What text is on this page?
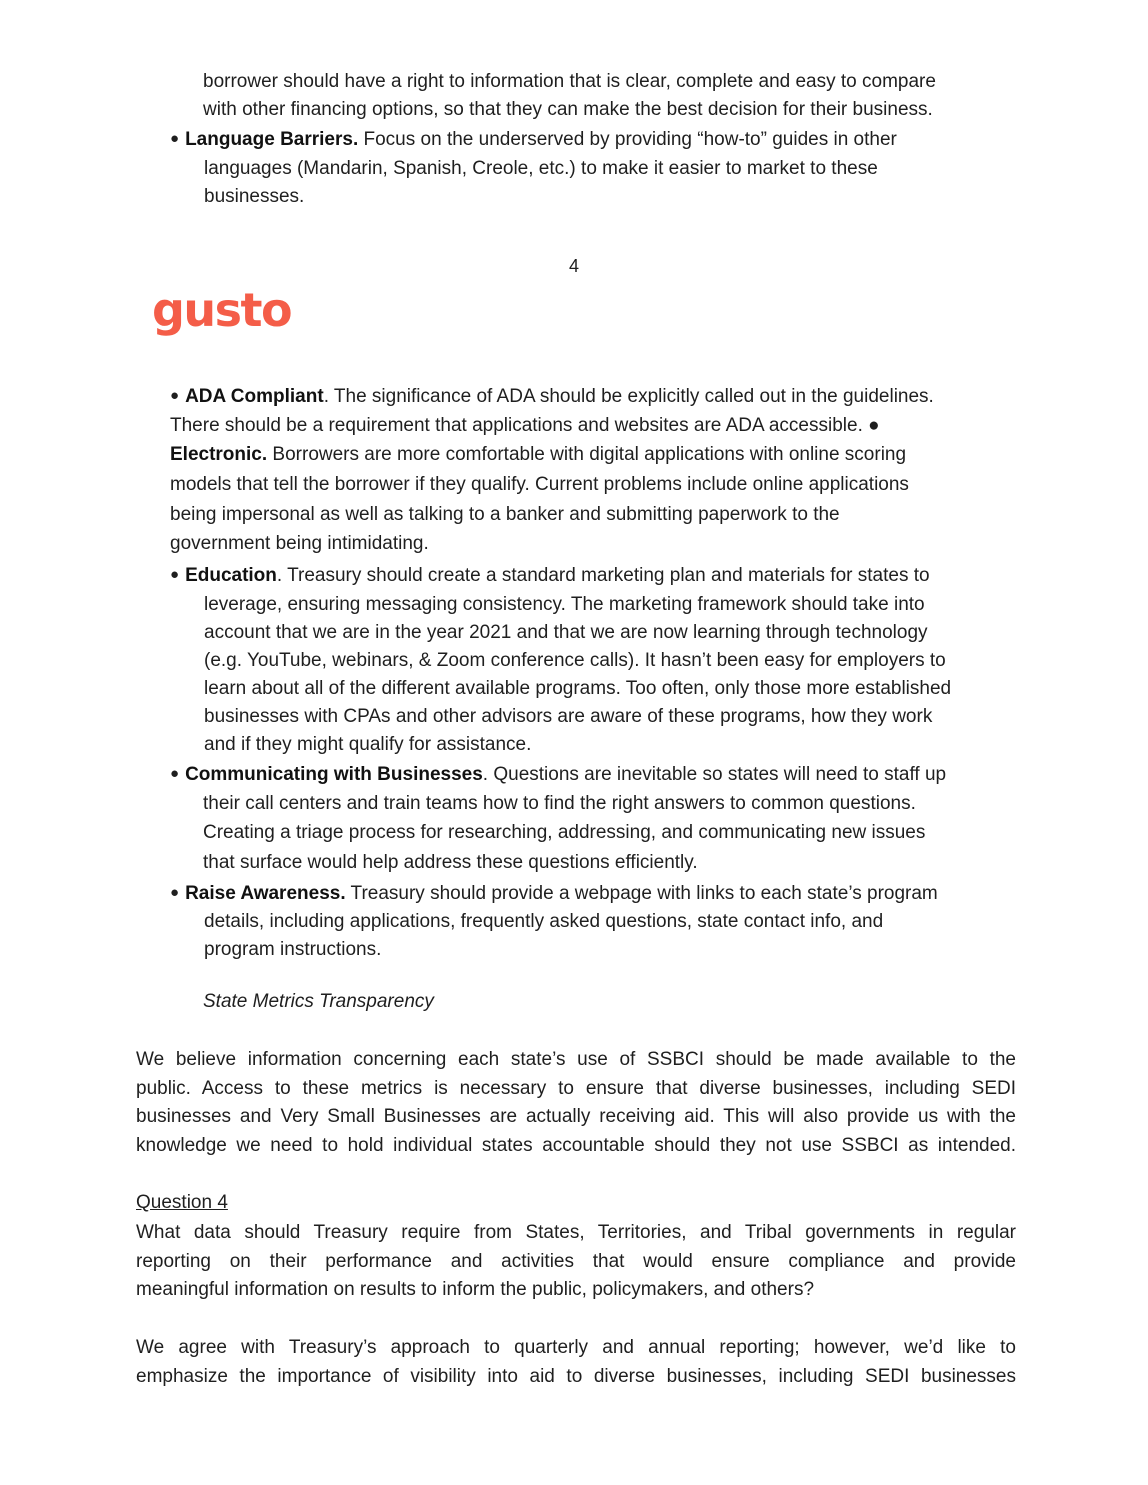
borrower should have a right to information that is clear, complete and easy to compare
with other financing options, so that they can make the best decision for their business.
● Language Barriers. Focus on the underserved by providing “how-to” guides in other
languages (Mandarin, Spanish, Creole, etc.) to make it easier to market to these
businesses.
4
gusto
● ADA Compliant. The significance of ADA should be explicitly called out in the guidelines.
There should be a requirement that applications and websites are ADA accessible. ●
Electronic. Borrowers are more comfortable with digital applications with online scoring
models that tell the borrower if they qualify. Current problems include online applications
being impersonal as well as talking to a banker and submitting paperwork to the
government being intimidating.
● Education. Treasury should create a standard marketing plan and materials for states to
leverage, ensuring messaging consistency. The marketing framework should take into
account that we are in the year 2021 and that we are now learning through technology
(e.g. YouTube, webinars, & Zoom conference calls). It hasn’t been easy for employers to
learn about all of the different available programs. Too often, only those more established
businesses with CPAs and other advisors are aware of these programs, how they work
and if they might qualify for assistance.
● Communicating with Businesses. Questions are inevitable so states will need to staff up
their call centers and train teams how to find the right answers to common questions.
Creating a triage process for researching, addressing, and communicating new issues
that surface would help address these questions efficiently.
● Raise Awareness. Treasury should provide a webpage with links to each state’s program
details, including applications, frequently asked questions, state contact info, and
program instructions.
State Metrics Transparency
We believe information concerning each state’s use of SSBCI should be made available to the
public. Access to these metrics is necessary to ensure that diverse businesses, including SEDI
businesses and Very Small Businesses are actually receiving aid. This will also provide us with the
knowledge we need to hold individual states accountable should they not use SSBCI as intended.
Question 4
What data should Treasury require from States, Territories, and Tribal governments in regular
reporting on their performance and activities that would ensure compliance and provide
meaningful information on results to inform the public, policymakers, and others?
We agree with Treasury’s approach to quarterly and annual reporting; however, we’d like to
emphasize the importance of visibility into aid to diverse businesses, including SEDI businesses
